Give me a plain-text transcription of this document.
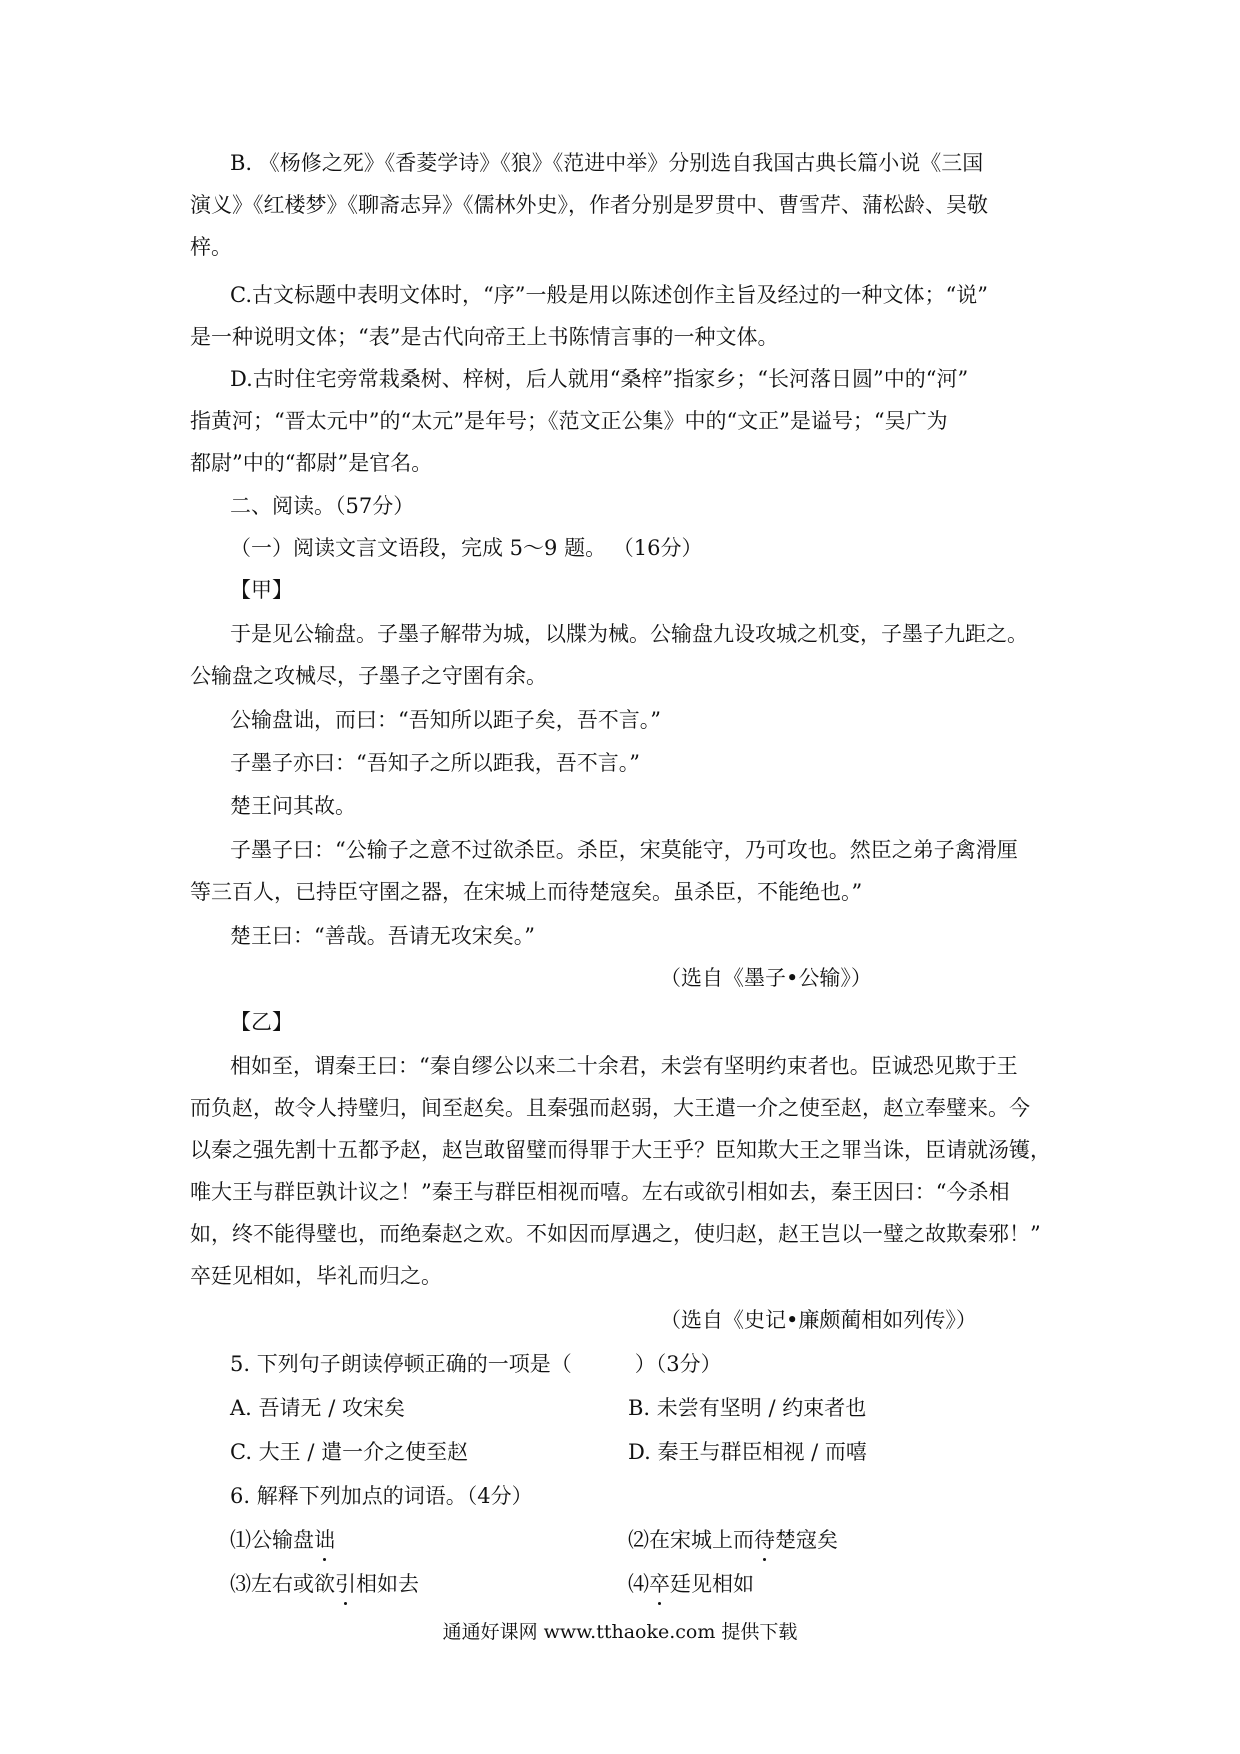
B. 《杨修之死》《香菱学诗》《狼》《范进中举》分别选自我国古典长篇小说《三国
演义》《红楼梦》《聊斋志异》《儒林外史》，作者分别是罗贯中、曹雪芹、蒲松龄、吴敬
梓。
C.古文标题中表明文体时，“序”一般是用以陈述创作主旨及经过的一种文体；“说”
是一种说明文体；“表”是古代向帝王上书陈情言事的一种文体。
D.古时住宅旁常栽桑树、梓树，后人就用“桑梓”指家乡；“长河落日圆”中的“河”
指黄河；“晋太元中”的“太元”是年号；《范文正公集》中的“文正”是谥号；“吴广为
都尉”中的“都尉”是官名。
二、阅读。（57分）
（一）阅读文言文语段，完成 5～9 题。 （16分）
【甲】
于是见公输盘。子墨子解带为城，以牒为械。公输盘九设攻城之机变，子墨子九距之。
公输盘之攻械尽，子墨子之守圉有余。
公输盘诎，而曰：“吾知所以距子矣，吾不言。”
子墨子亦曰：“吾知子之所以距我，吾不言。”
楚王问其故。
子墨子曰：“公输子之意不过欲杀臣。杀臣，宋莫能守，乃可攻也。然臣之弟子禽滑厘
等三百人，已持臣守圉之器，在宋城上而待楚寇矣。虽杀臣，不能绝也。”
楚王曰：“善哉。吾请无攻宋矣。”
（选自《墨子•公输》）
【乙】
相如至，谓秦王曰：“秦自缪公以来二十余君，未尝有坚明约束者也。臣诚恐见欺于王
而负赵，故令人持璧归，间至赵矣。且秦强而赵弱，大王遣一介之使至赵，赵立奉璧来。今
以秦之强先割十五都予赵，赵岂敢留璧而得罪于大王乎？臣知欺大王之罪当诛，臣请就汤镬，
唯大王与群臣孰计议之！”秦王与群臣相视而嘻。左右或欲引相如去，秦王因曰：“今杀相
如，终不能得璧也，而绝秦赵之欢。不如因而厚遇之，使归赵，赵王岂以一璧之故欺秦邪！”
卒廷见相如，毕礼而归之。
（选自《史记•廉颇蔺相如列传》）
5. 下列句子朗读停顿正确的一项是（　　　）（3分）
A. 吾请无 / 攻宋矣	B. 未尝有坚明 / 约束者也
C. 大王 / 遣一介之使至赵	D. 秦王与群臣相视 / 而嘻
6. 解释下列加点的词语。（4分）
⑴公输盘诎	⑵在宋城上而待楚寇矣
⑶左右或欲引相如去	⑷卒廷见相如
通通好课网 www.tthaoke.com 提供下载
